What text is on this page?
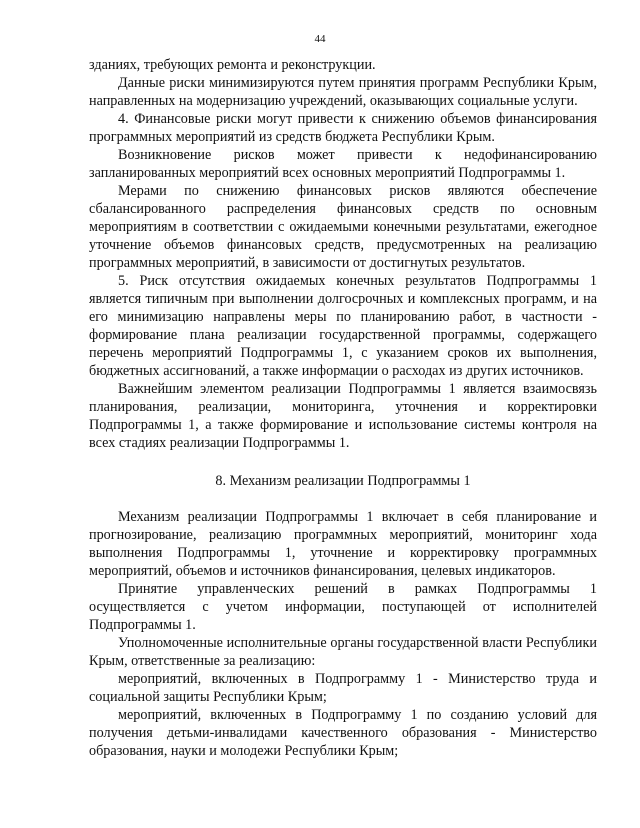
44

зданиях, требующих ремонта и реконструкции.

Данные риски минимизируются путем принятия программ Республики Крым, направленных на модернизацию учреждений, оказывающих социальные услуги.

4. Финансовые риски могут привести к снижению объемов финансирования программных мероприятий из средств бюджета Республики Крым.

Возникновение рисков может привести к недофинансированию запланированных мероприятий всех основных мероприятий Подпрограммы 1.

Мерами по снижению финансовых рисков являются обеспечение сбалансированного распределения финансовых средств по основным мероприятиям в соответствии с ожидаемыми конечными результатами, ежегодное уточнение объемов финансовых средств, предусмотренных на реализацию программных мероприятий, в зависимости от достигнутых результатов.

5. Риск отсутствия ожидаемых конечных результатов Подпрограммы 1 является типичным при выполнении долгосрочных и комплексных программ, и на его минимизацию направлены меры по планированию работ, в частности - формирование плана реализации государственной программы, содержащего перечень мероприятий Подпрограммы 1, с указанием сроков их выполнения, бюджетных ассигнований, а также информации о расходах из других источников.

Важнейшим элементом реализации Подпрограммы 1 является взаимосвязь планирования, реализации, мониторинга, уточнения и корректировки Подпрограммы 1, а также формирование и использование системы контроля на всех стадиях реализации Подпрограммы 1.

8. Механизм реализации Подпрограммы 1

Механизм реализации Подпрограммы 1 включает в себя планирование и прогнозирование, реализацию программных мероприятий, мониторинг хода выполнения Подпрограммы 1, уточнение и корректировку программных мероприятий, объемов и источников финансирования, целевых индикаторов.

Принятие управленческих решений в рамках Подпрограммы 1 осуществляется с учетом информации, поступающей от исполнителей Подпрограммы 1.

Уполномоченные исполнительные органы государственной власти Республики Крым, ответственные за реализацию:

мероприятий, включенных в Подпрограмму 1 - Министерство труда и социальной защиты Республики Крым;

мероприятий, включенных в Подпрограмму 1 по созданию условий для получения детьми-инвалидами качественного образования - Министерство образования, науки и молодежи Республики Крым;
